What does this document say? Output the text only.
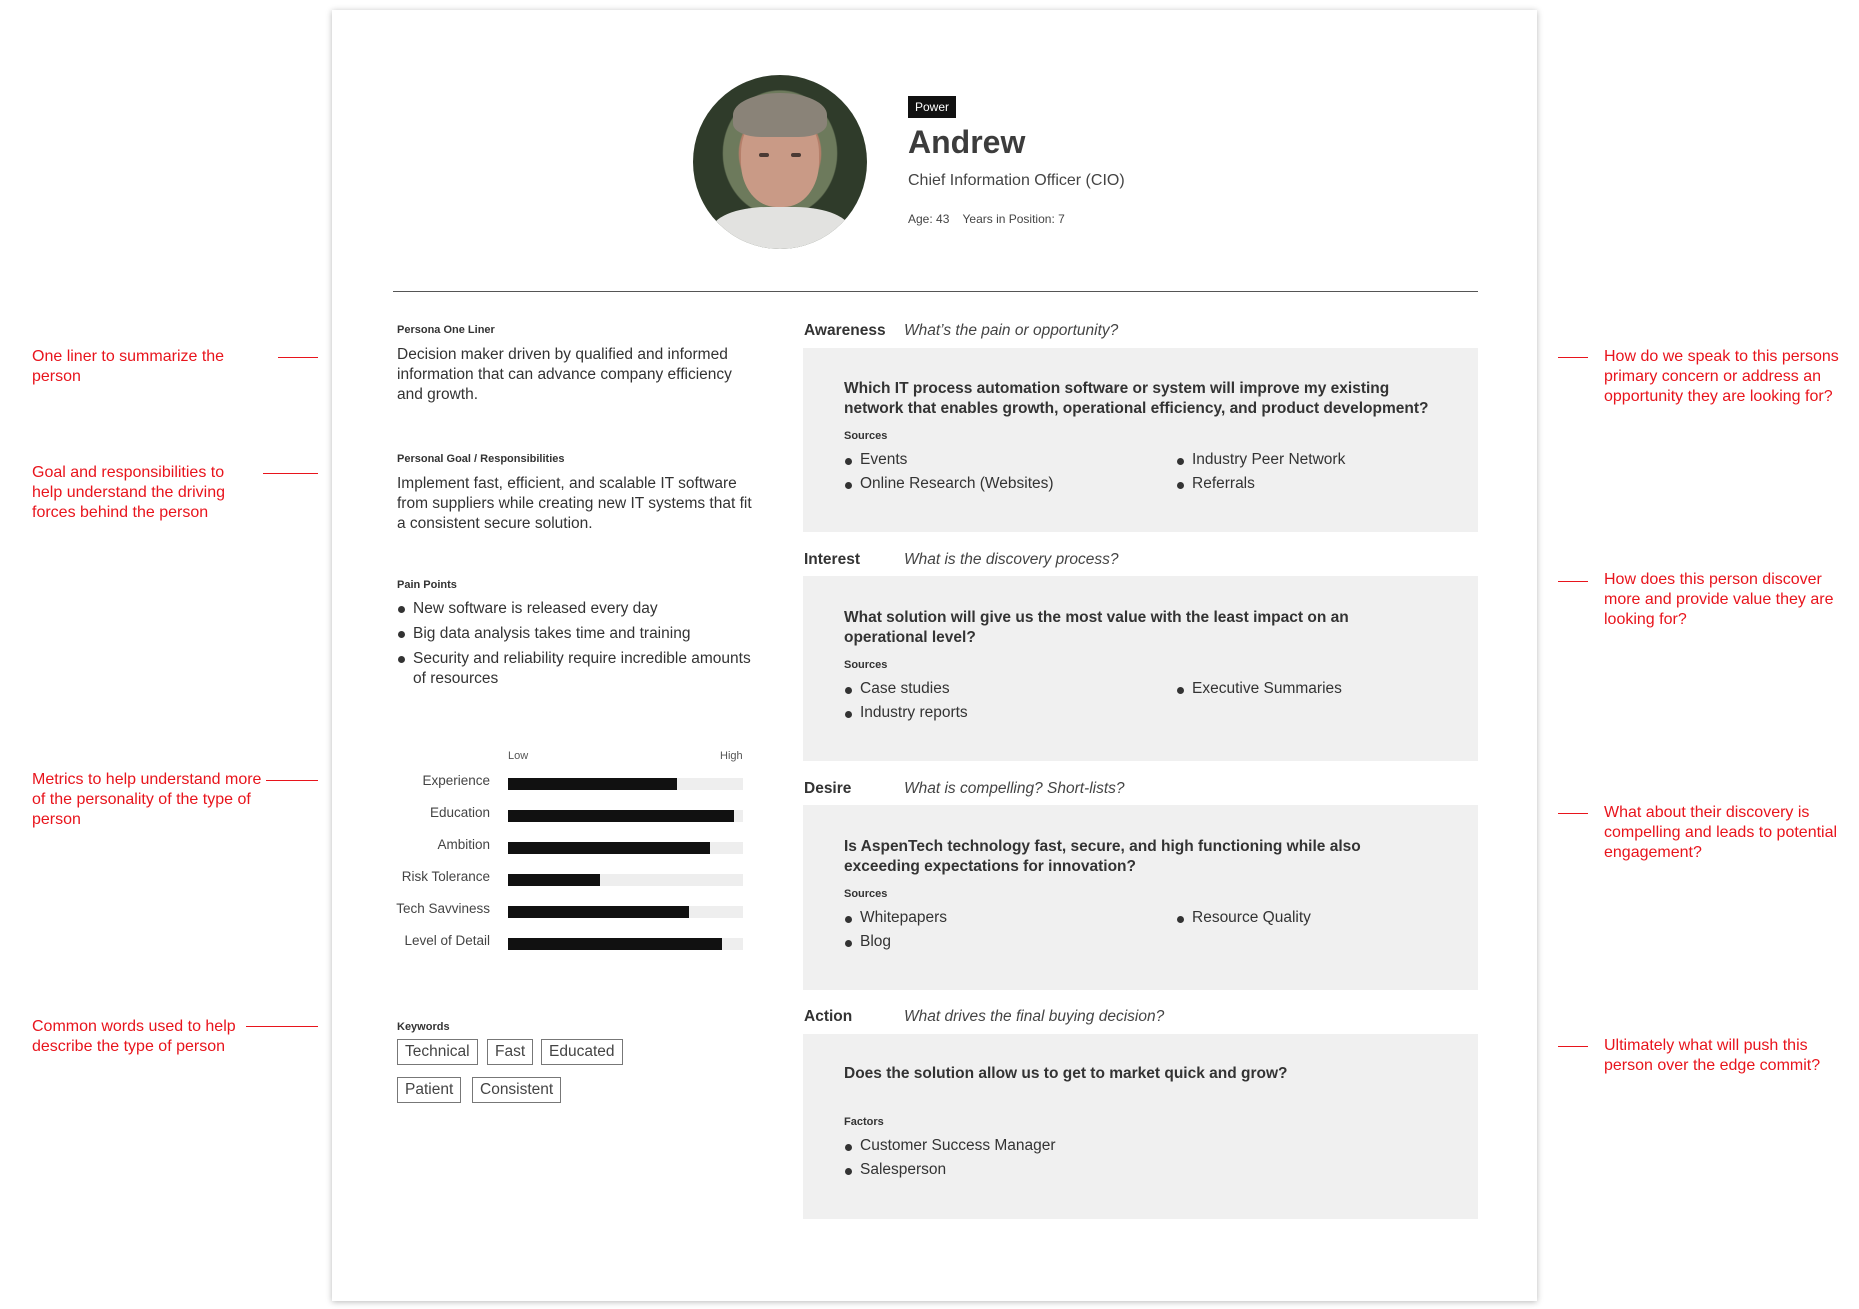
One liner to summarize the person
Goal and responsibilities to help understand the driving forces behind the person
Metrics to help understand more of the personality of the type of person
Common words used to help describe the type of person
How do we speak to this persons primary concern or address an opportunity they are looking for?
How does this person discover more and provide value they are looking for?
What about their discovery is compelling and leads to potential engagement?
Ultimately what will push this person over the edge commit?
Power
Andrew
Chief Information Officer (CIO)
Age: 43 Years in Position: 7
Persona One Liner
Decision maker driven by qualified and informed information that can advance company efficiency and growth.
Personal Goal / Responsibilities
Implement fast, efficient, and scalable IT software from suppliers while creating new IT systems that fit a consistent secure solution.
Pain Points
New software is released every day
Big data analysis takes time and training
Security and reliability require incredible amounts of resources
Low	High
Experience
Education
Ambition
Risk Tolerance
Tech Savviness
Level of Detail
Keywords
Technical	Fast	Educated
Patient	Consistent
Awareness What’s the pain or opportunity?
Which IT process automation software or system will improve my existing network that enables growth, operational efficiency, and product development?
Sources
Events	Industry Peer Network
Online Research (Websites)	Referrals
Interest	What is the discovery process?
What solution will give us the most value with the least impact on an operational level?
Sources
Case studies	Executive Summaries
Industry reports
Desire	What is compelling? Short-lists?
Is AspenTech technology fast, secure, and high functioning while also exceeding expectations for innovation?
Sources
Whitepapers	Resource Quality
Blog
Action	What drives the final buying decision?
Does the solution allow us to get to market quick and grow?
Factors
Customer Success Manager
Salesperson
